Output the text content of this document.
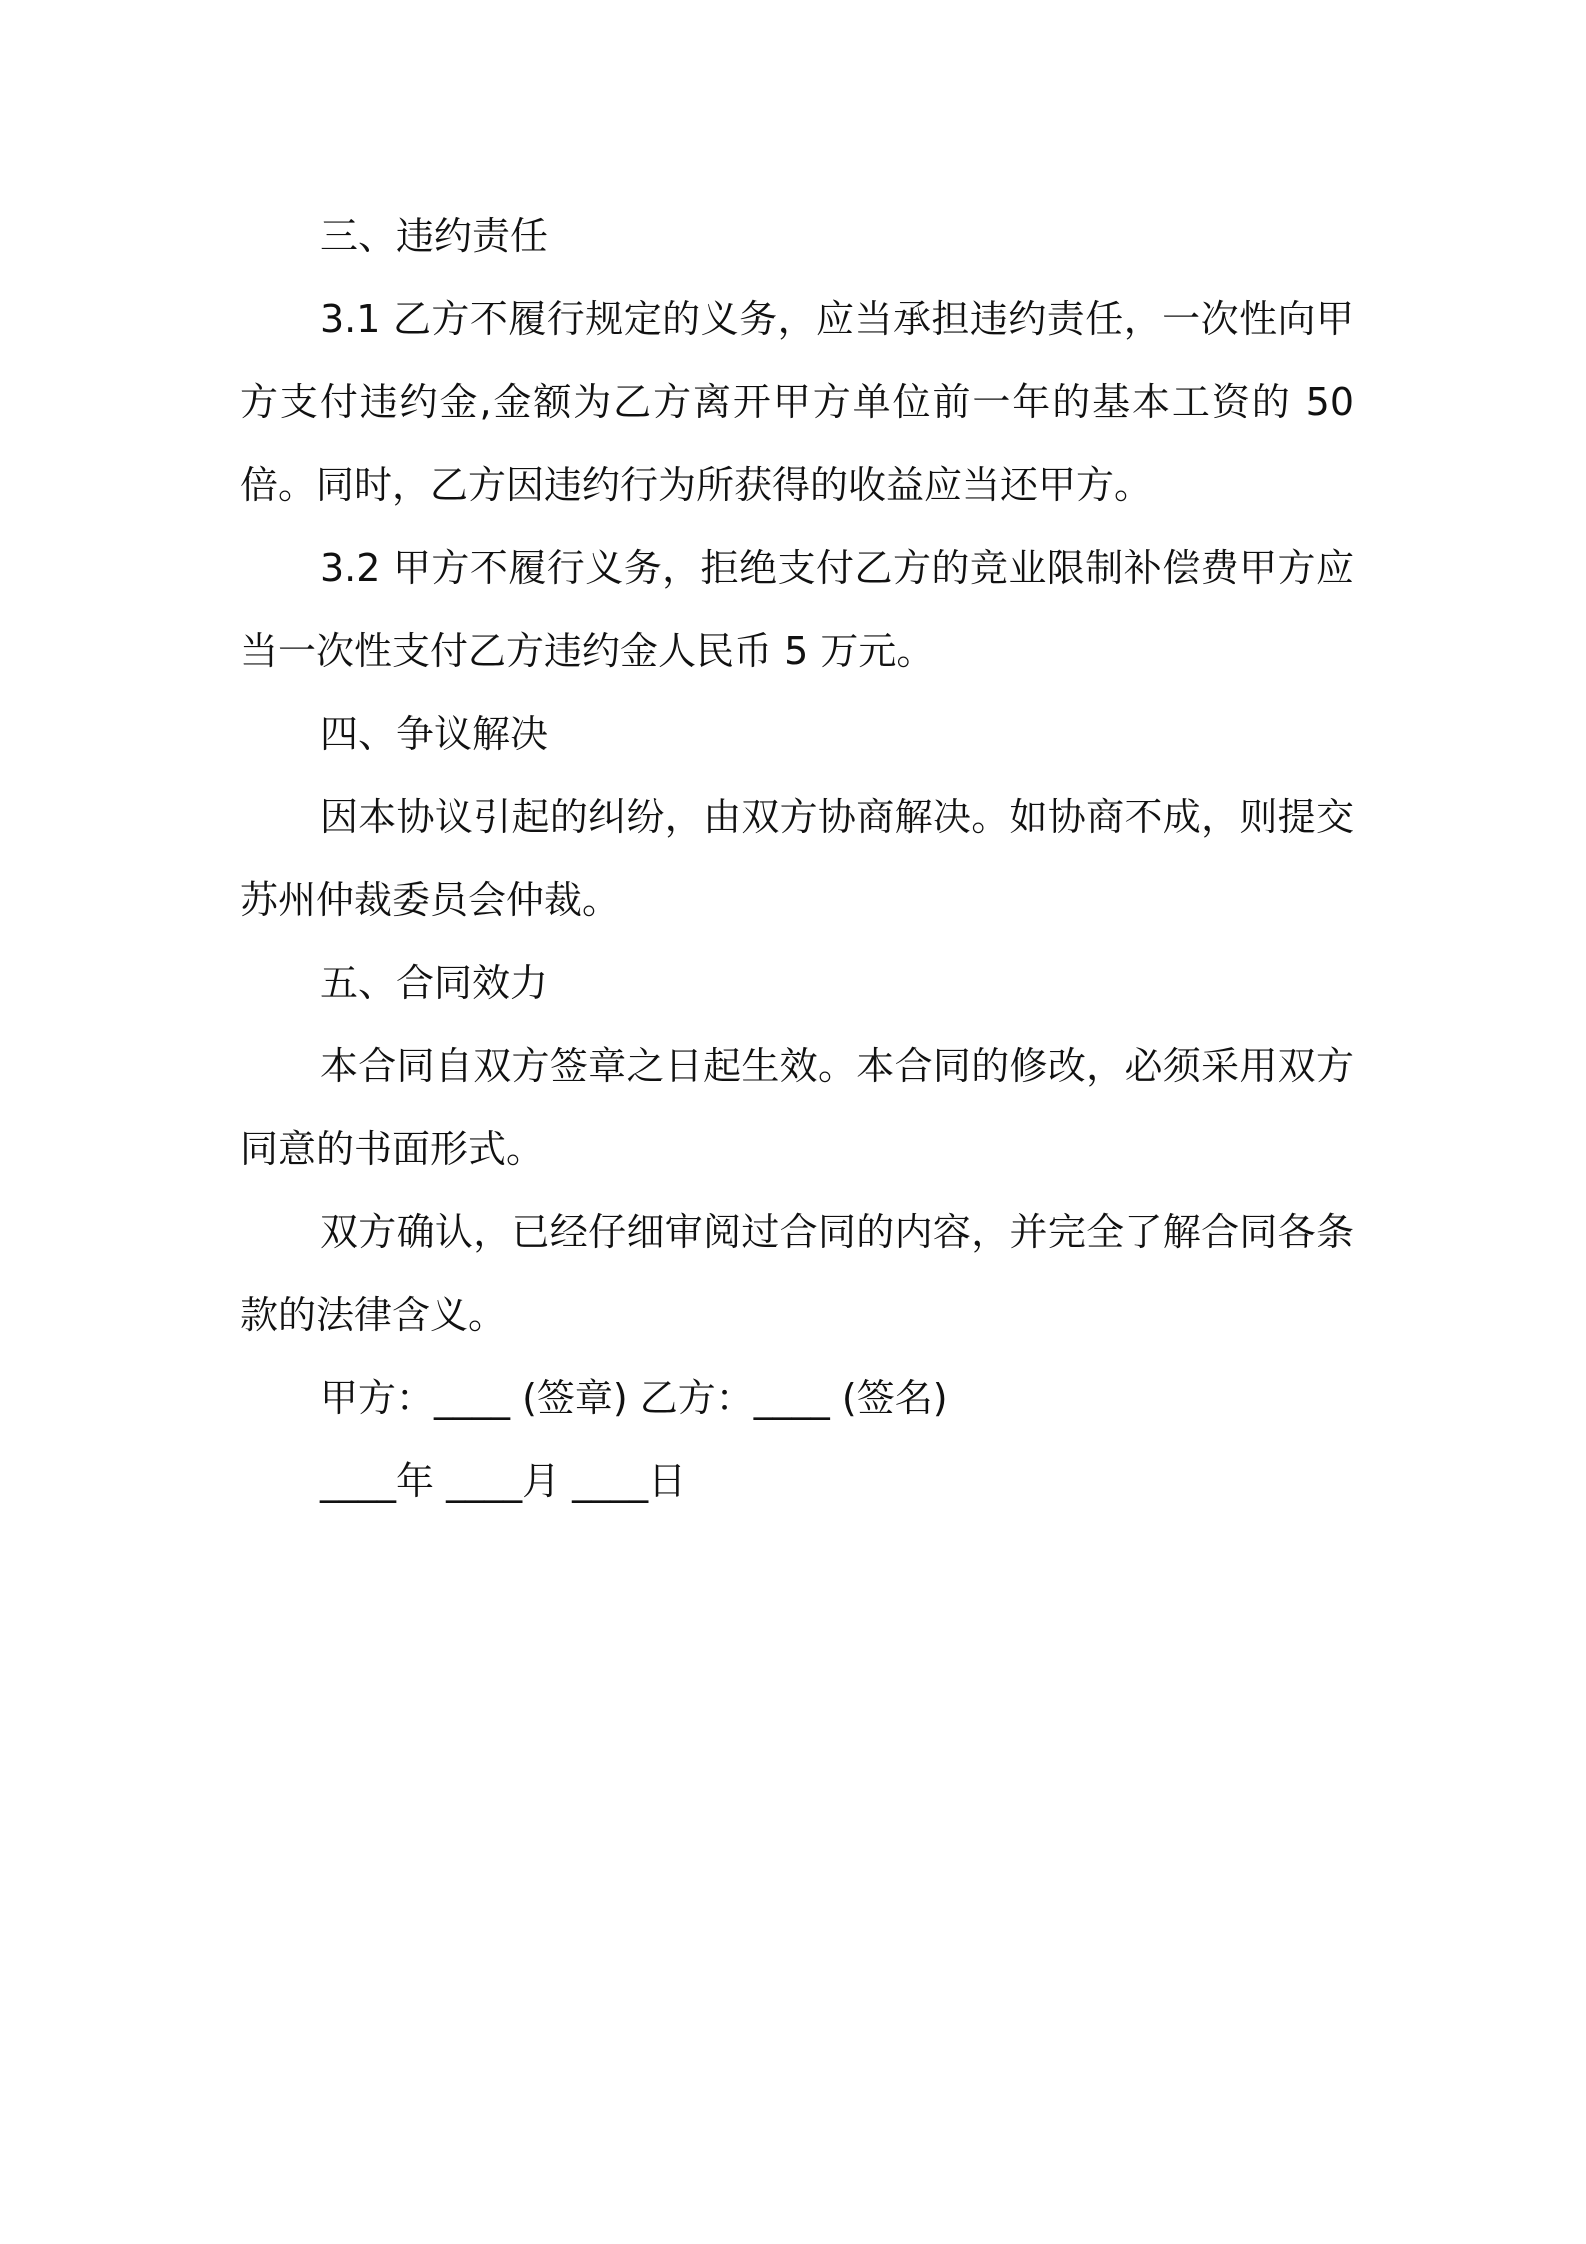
三、违约责任

3.1 乙方不履行规定的义务，应当承担违约责任，一次性向甲方支付违约金,金额为乙方离开甲方单位前一年的基本工资的 50 倍。同时，乙方因违约行为所获得的收益应当还甲方。

3.2 甲方不履行义务，拒绝支付乙方的竞业限制补偿费甲方应当一次性支付乙方违约金人民币 5 万元。

四、争议解决

因本协议引起的纠纷，由双方协商解决。如协商不成，则提交苏州仲裁委员会仲裁。

五、合同效力

本合同自双方签章之日起生效。本合同的修改，必须采用双方同意的书面形式。

双方确认，已经仔细审阅过合同的内容，并完全了解合同各条款的法律含义。

甲方：____ (签章) 乙方：____ (签名)

____年 ____月 ____日
